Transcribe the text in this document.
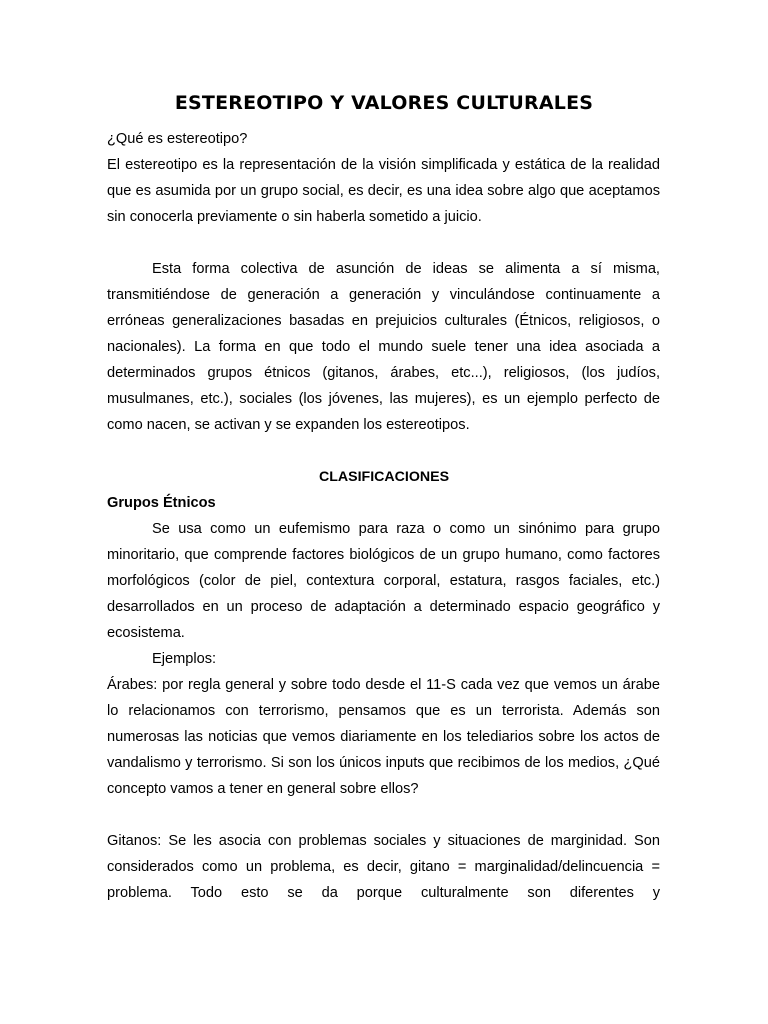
ESTEREOTIPO Y VALORES CULTURALES

¿Qué es estereotipo?

El estereotipo es la representación de la visión simplificada y estática de la realidad que es asumida por un grupo social, es decir, es una idea sobre algo que aceptamos sin conocerla previamente o sin haberla sometido a juicio.

Esta forma colectiva de asunción de ideas se alimenta a sí misma, transmitiéndose de generación a generación y vinculándose continuamente a erróneas generalizaciones basadas en prejuicios culturales (Étnicos, religiosos, o nacionales). La forma en que todo el mundo suele tener una idea asociada a determinados grupos étnicos (gitanos, árabes, etc...), religiosos, (los judíos, musulmanes, etc.), sociales (los jóvenes, las mujeres), es un ejemplo perfecto de como nacen, se activan y se expanden los estereotipos.

CLASIFICACIONES

Grupos Étnicos

Se usa como un eufemismo para raza o como un sinónimo para grupo minoritario, que comprende factores biológicos de un grupo humano, como factores morfológicos (color de piel, contextura corporal, estatura, rasgos faciales, etc.) desarrollados en un proceso de adaptación a determinado espacio geográfico y ecosistema.

Ejemplos:

Árabes: por regla general y sobre todo desde el 11-S cada vez que vemos un árabe lo relacionamos con terrorismo, pensamos que es un terrorista. Además son numerosas las noticias que vemos diariamente en los telediarios sobre los actos de vandalismo y terrorismo. Si son los únicos inputs que recibimos de los medios, ¿Qué concepto vamos a tener en general sobre ellos?

Gitanos: Se les asocia con problemas sociales y situaciones de marginidad. Son considerados como un problema, es decir, gitano = marginalidad/delincuencia = problema. Todo esto se da porque culturalmente son diferentes y
